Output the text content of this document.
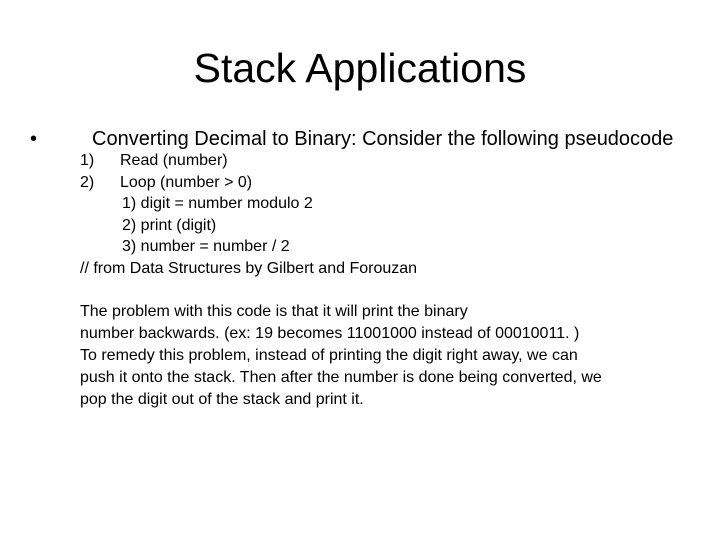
Stack Applications
•	Converting Decimal to Binary: Consider the following pseudocode
1) Read (number)
2) Loop (number > 0)
1) digit = number modulo 2
2) print (digit)
3) number = number / 2
// from Data Structures by Gilbert and Forouzan
The problem with this code is that it will print the binary
number backwards. (ex: 19 becomes 11001000 instead of 00010011. )
To remedy this problem, instead of printing the digit right away, we can
push it onto the stack. Then after the number is done being converted, we
pop the digit out of the stack and print it.
